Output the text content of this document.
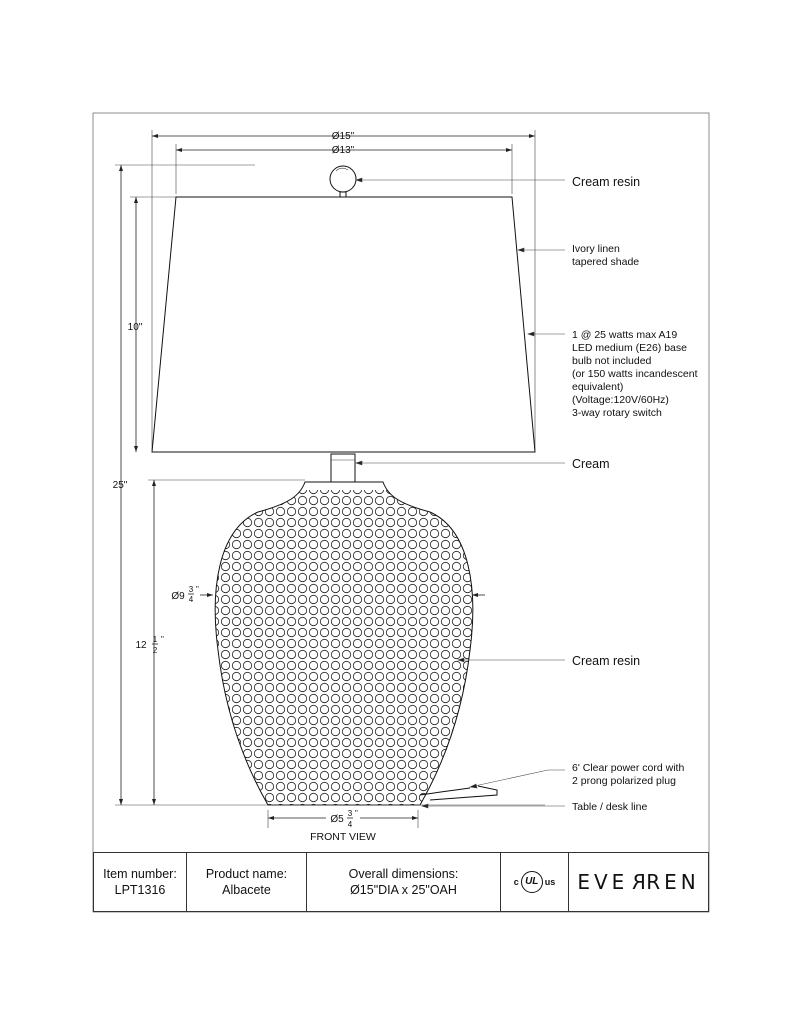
Ø15"
Ø13"
25"
10"
12
1
2
"
Ø9
3
4
"
Ø5
3
4
"
Cream resin
Ivory linen tapered shade
1 @ 25 watts max A19 LED medium (E26) base bulb not included (or 150 watts incandescent equivalent) (Voltage:120V/60Hz) 3-way rotary switch
Cream
Cream resin
6' Clear power cord with 2 prong polarized plug
Table / desk line
FRONT VIEW
Item number:
LPT1316
Product name:
Albacete
Overall dimensions:
Ø15"DIA x 25"OAH
c UL us EVERREN
